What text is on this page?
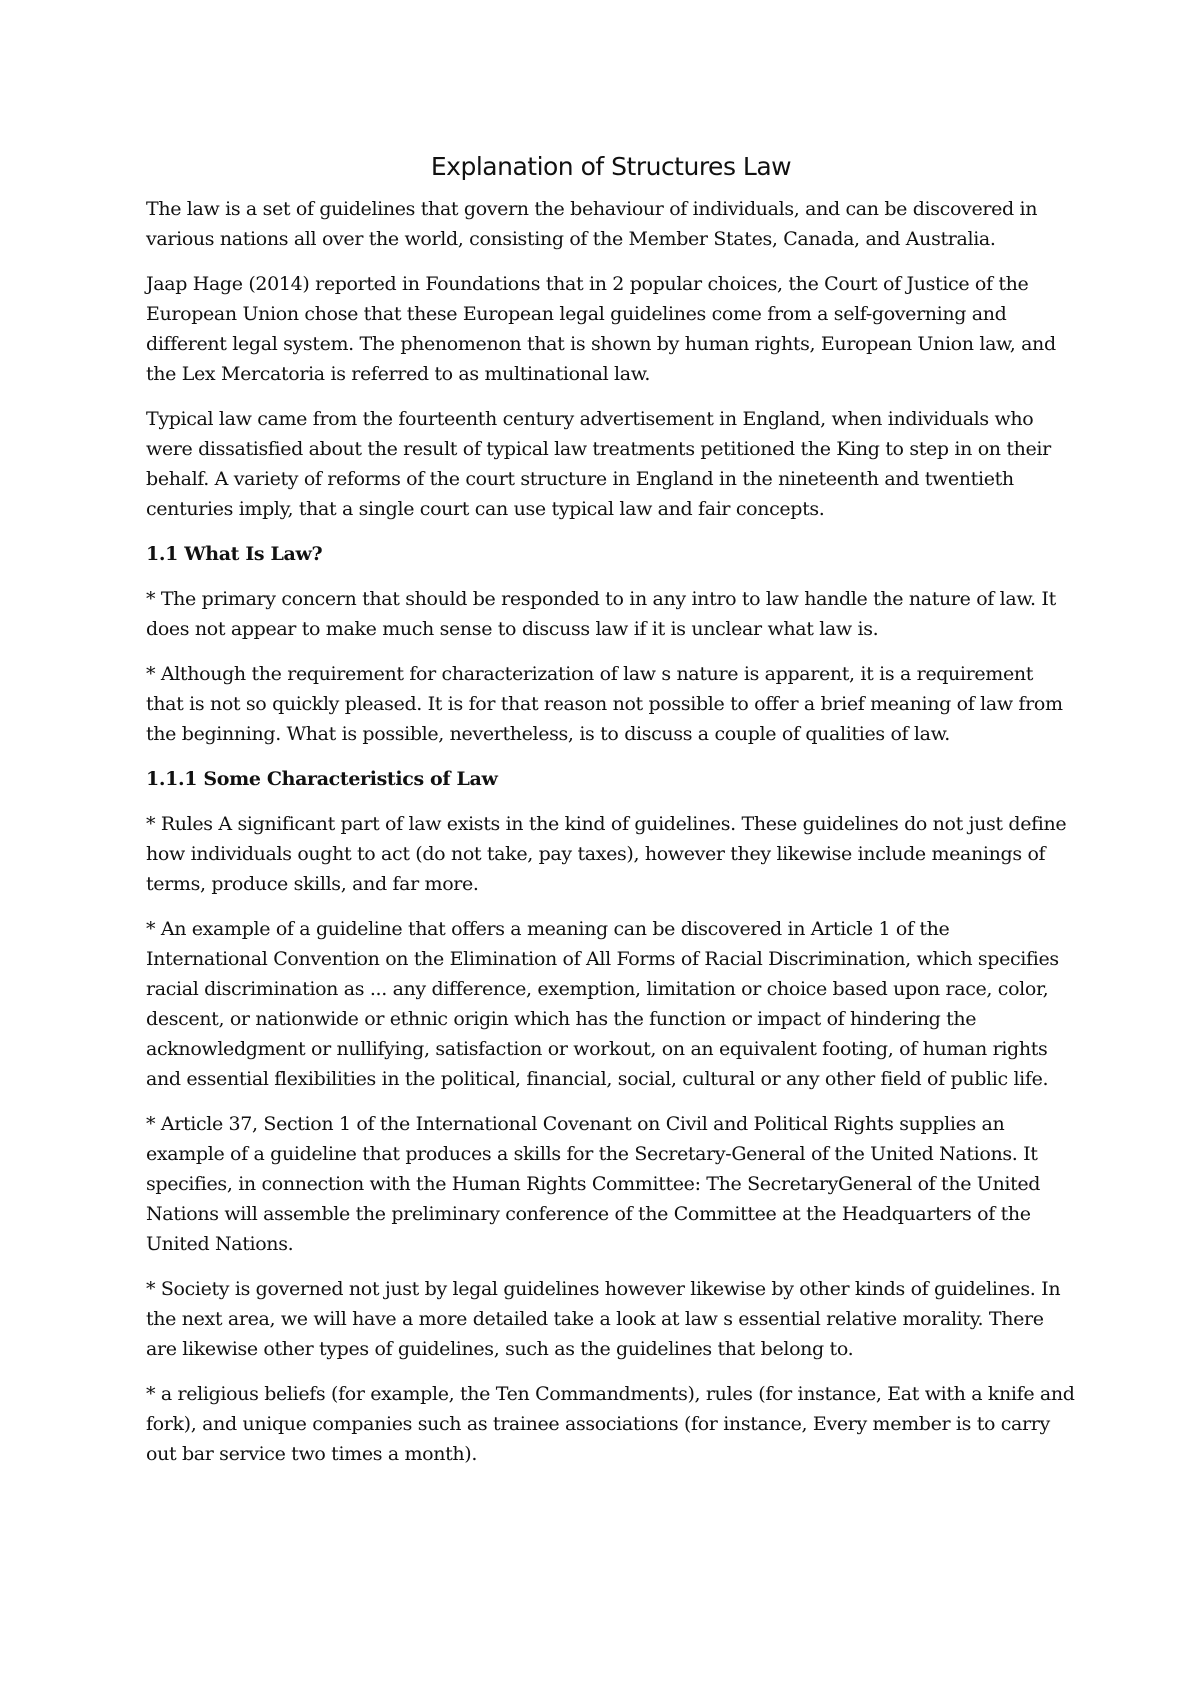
Explanation of Structures Law

The law is a set of guidelines that govern the behaviour of individuals, and can be discovered in various nations all over the world, consisting of the Member States, Canada, and Australia.

Jaap Hage (2014) reported in Foundations that in 2 popular choices, the Court of Justice of the European Union chose that these European legal guidelines come from a self-governing and different legal system. The phenomenon that is shown by human rights, European Union law, and the Lex Mercatoria is referred to as multinational law.

Typical law came from the fourteenth century advertisement in England, when individuals who were dissatisfied about the result of typical law treatments petitioned the King to step in on their behalf. A variety of reforms of the court structure in England in the nineteenth and twentieth centuries imply, that a single court can use typical law and fair concepts.

1.1 What Is Law?

* The primary concern that should be responded to in any intro to law handle the nature of law. It does not appear to make much sense to discuss law if it is unclear what law is.

* Although the requirement for characterization of law s nature is apparent, it is a requirement that is not so quickly pleased. It is for that reason not possible to offer a brief meaning of law from the beginning. What is possible, nevertheless, is to discuss a couple of qualities of law.

1.1.1 Some Characteristics of Law

* Rules A significant part of law exists in the kind of guidelines. These guidelines do not just define how individuals ought to act (do not take, pay taxes), however they likewise include meanings of terms, produce skills, and far more.

* An example of a guideline that offers a meaning can be discovered in Article 1 of the International Convention on the Elimination of All Forms of Racial Discrimination, which specifies racial discrimination as ... any difference, exemption, limitation or choice based upon race, color, descent, or nationwide or ethnic origin which has the function or impact of hindering the acknowledgment or nullifying, satisfaction or workout, on an equivalent footing, of human rights and essential flexibilities in the political, financial, social, cultural or any other field of public life.

* Article 37, Section 1 of the International Covenant on Civil and Political Rights supplies an example of a guideline that produces a skills for the Secretary-General of the United Nations. It specifies, in connection with the Human Rights Committee: The SecretaryGeneral of the United Nations will assemble the preliminary conference of the Committee at the Headquarters of the United Nations.

* Society is governed not just by legal guidelines however likewise by other kinds of guidelines. In the next area, we will have a more detailed take a look at law s essential relative morality. There are likewise other types of guidelines, such as the guidelines that belong to.

* a religious beliefs (for example, the Ten Commandments), rules (for instance, Eat with a knife and fork), and unique companies such as trainee associations (for instance, Every member is to carry out bar service two times a month).
